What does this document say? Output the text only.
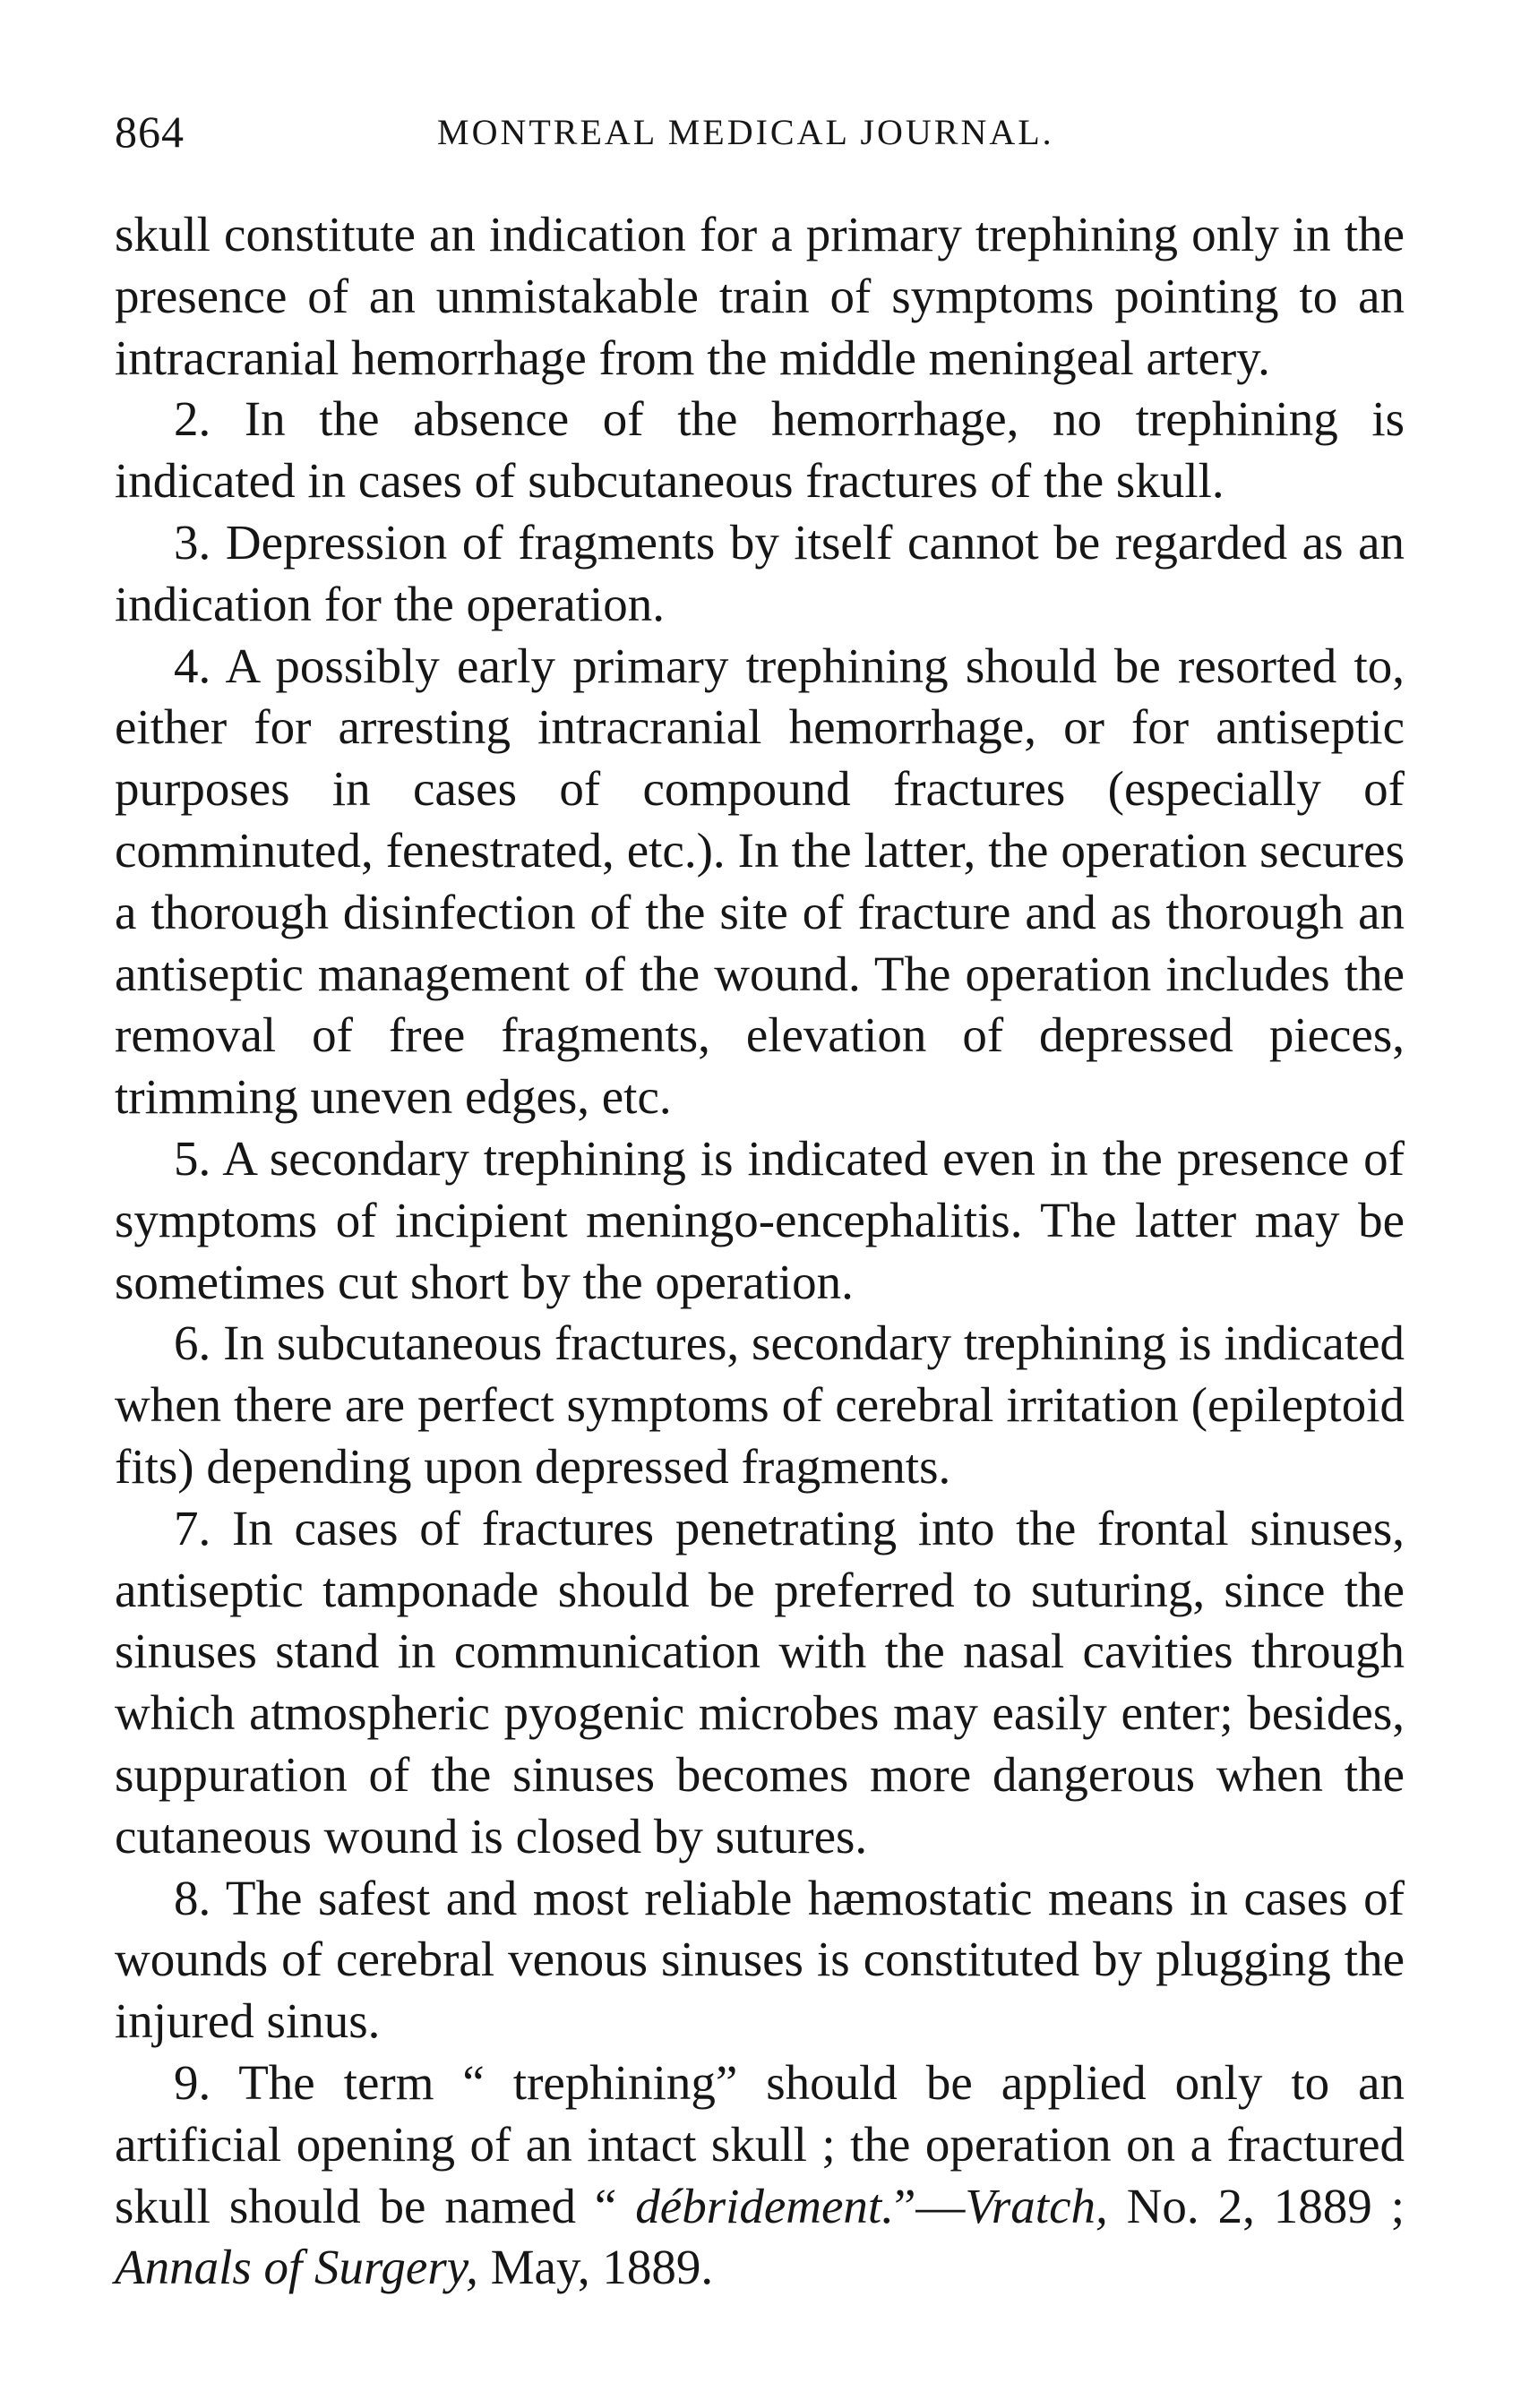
864	MONTREAL MEDICAL JOURNAL.

skull constitute an indication for a primary trephining only in the presence of an unmistakable train of symptoms pointing to an intracranial hemorrhage from the middle meningeal artery.

2. In the absence of the hemorrhage, no trephining is indicated in cases of subcutaneous fractures of the skull.

3. Depression of fragments by itself cannot be regarded as an indication for the operation.

4. A possibly early primary trephining should be resorted to, either for arresting intracranial hemorrhage, or for antiseptic purposes in cases of compound fractures (especially of comminuted, fenestrated, etc.). In the latter, the operation secures a thorough disinfection of the site of fracture and as thorough an antiseptic management of the wound. The operation includes the removal of free fragments, elevation of depressed pieces, trimming uneven edges, etc.

5. A secondary trephining is indicated even in the presence of symptoms of incipient meningo-encephalitis. The latter may be sometimes cut short by the operation.

6. In subcutaneous fractures, secondary trephining is indicated when there are perfect symptoms of cerebral irritation (epileptoid fits) depending upon depressed fragments.

7. In cases of fractures penetrating into the frontal sinuses, antiseptic tamponade should be preferred to suturing, since the sinuses stand in communication with the nasal cavities through which atmospheric pyogenic microbes may easily enter; besides, suppuration of the sinuses becomes more dangerous when the cutaneous wound is closed by sutures.

8. The safest and most reliable hæmostatic means in cases of wounds of cerebral venous sinuses is constituted by plugging the injured sinus.

9. The term “ trephining” should be applied only to an artificial opening of an intact skull ; the operation on a fractured skull should be named “ débridement.”—Vratch, No. 2, 1889 ; Annals of Surgery, May, 1889.
